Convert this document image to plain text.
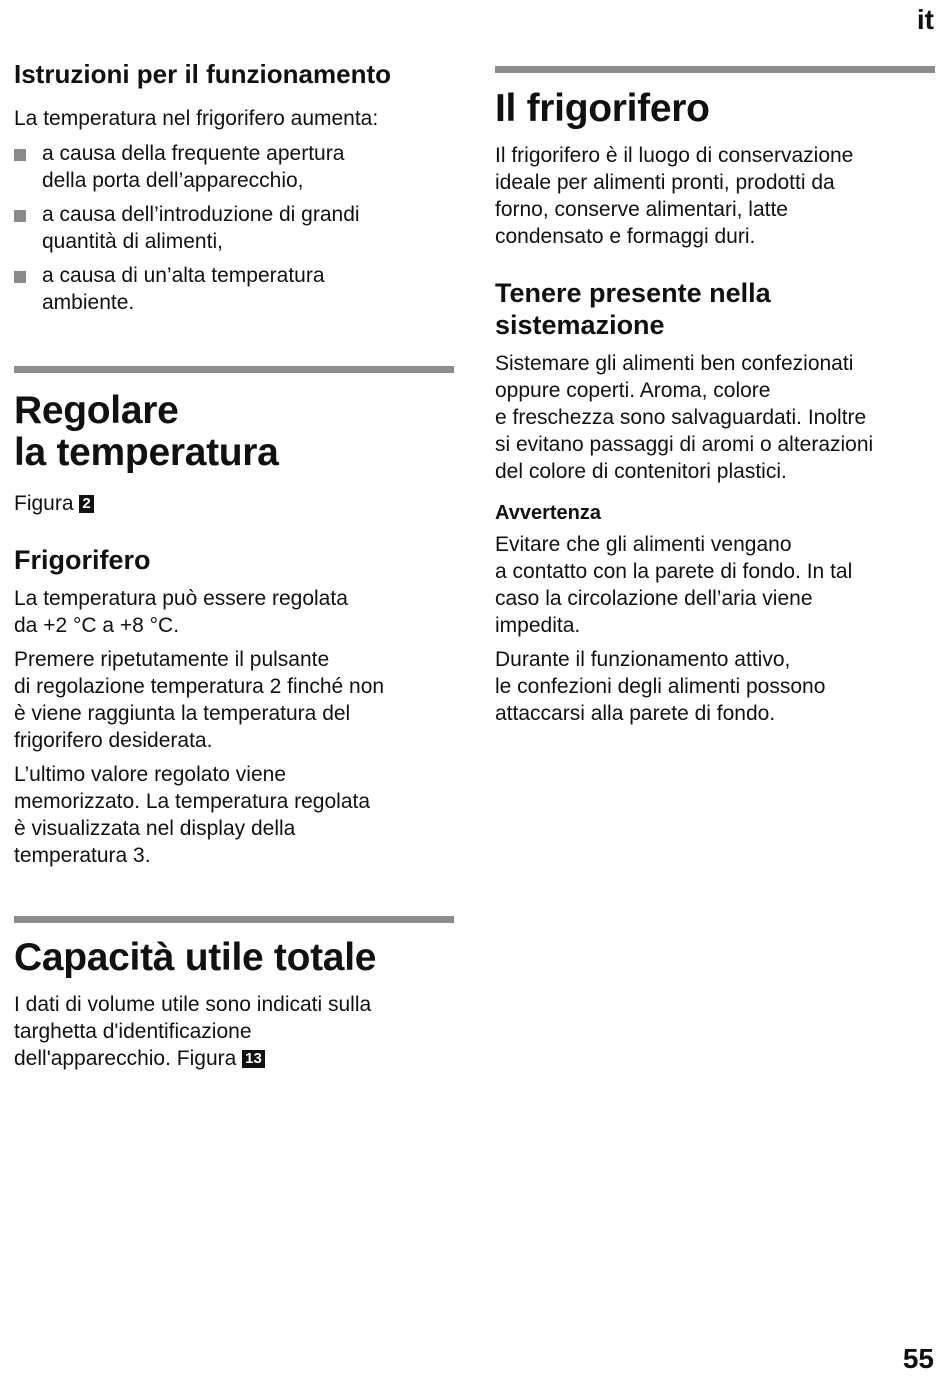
it
Istruzioni per il funzionamento

La temperatura nel frigorifero aumenta:

a causa della frequente apertura
della porta dell’apparecchio,
a causa dell’introduzione di grandi
quantità di alimenti,
a causa di un’alta temperatura
ambiente.
Regolare
la temperatura

Figura 2

Frigorifero

La temperatura può essere regolata
da +2 °C a +8 °C.

Premere ripetutamente il pulsante
di regolazione temperatura 2 finché non
è viene raggiunta la temperatura del
frigorifero desiderata.

L’ultimo valore regolato viene
memorizzato. La temperatura regolata
è visualizzata nel display della
temperatura 3.

Capacità utile totale

I dati di volume utile sono indicati sulla
targhetta d'identificazione
dell'apparecchio. Figura 13

Il frigorifero

Il frigorifero è il luogo di conservazione
ideale per alimenti pronti, prodotti da
forno, conserve alimentari, latte
condensato e formaggi duri.

Tenere presente nella
sistemazione

Sistemare gli alimenti ben confezionati
oppure coperti. Aroma, colore
e freschezza sono salvaguardati. Inoltre
si evitano passaggi di aromi o alterazioni
del colore di contenitori plastici.

Avvertenza

Evitare che gli alimenti vengano
a contatto con la parete di fondo. In tal
caso la circolazione dell’aria viene
impedita.

Durante il funzionamento attivo,
le confezioni degli alimenti possono
attaccarsi alla parete di fondo.

55
